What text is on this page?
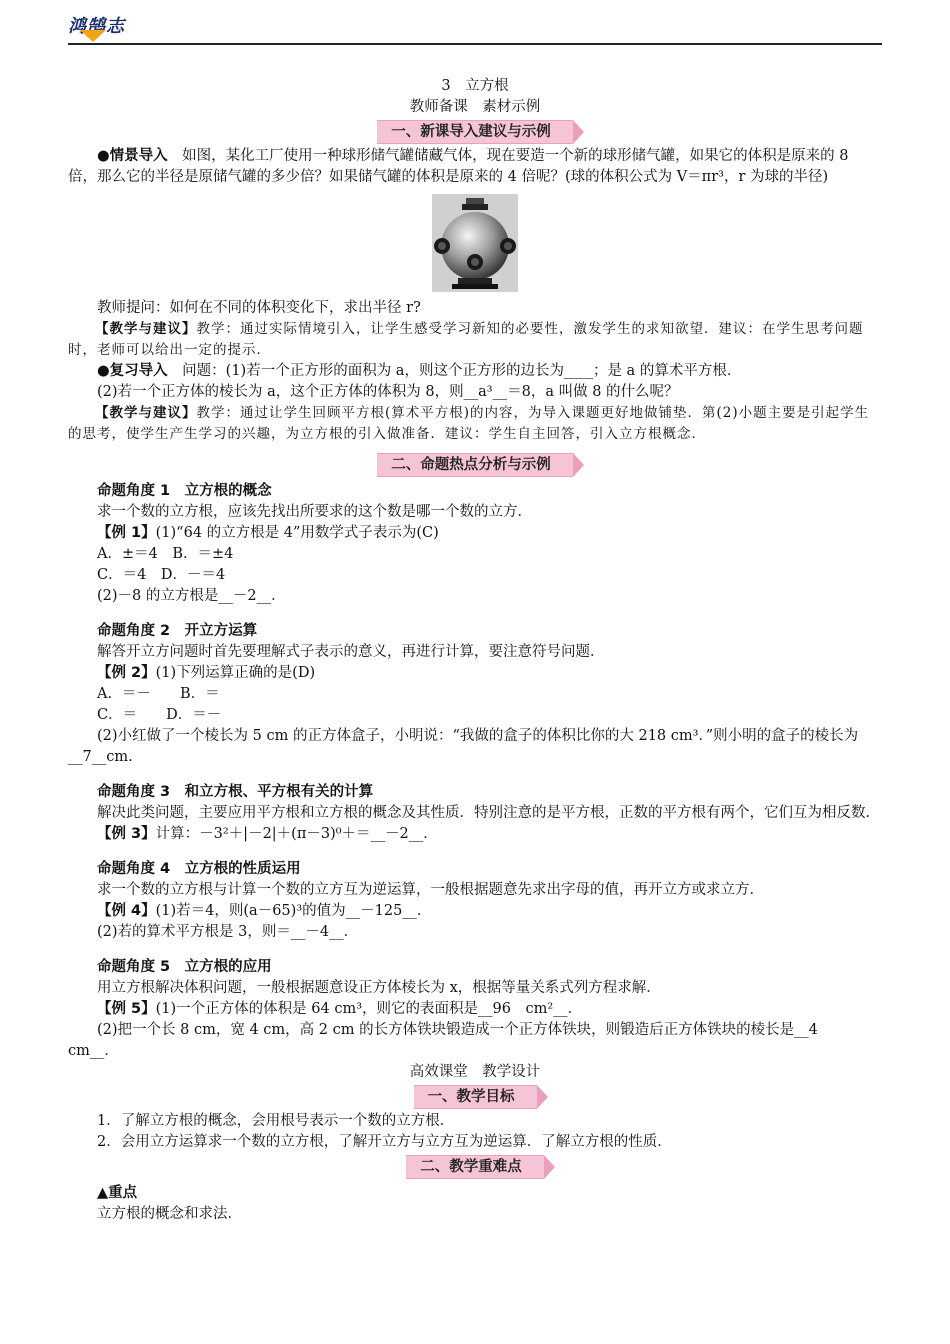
鸿鹄志

3　立方根

教师备课　素材示例

一、新课导入建议与示例

●情景导入　如图，某化工厂使用一种球形储气罐储藏气体，现在要造一个新的球形储气罐，如果它的体积是原来的 8 倍，那么它的半径是原储气罐的多少倍？如果储气罐的体积是原来的 4 倍呢？(球的体积公式为 V＝πr³，r 为球的半径)

教师提问：如何在不同的体积变化下，求出半径 r?

【教学与建议】教学：通过实际情境引入，让学生感受学习新知的必要性，激发学生的求知欲望．建议：在学生思考问题时，老师可以给出一定的提示．

●复习导入　问题：(1)若一个正方形的面积为 a，则这个正方形的边长为____；是 a 的算术平方根．

(2)若一个正方体的棱长为 a，这个正方体的体积为 8，则__a³__＝8，a 叫做 8 的什么呢？

【教学与建议】教学：通过让学生回顾平方根(算术平方根)的内容，为导入课题更好地做铺垫．第(2)小题主要是引起学生的思考，使学生产生学习的兴趣，为立方根的引入做准备．建议：学生自主回答，引入立方根概念．

二、命题热点分析与示例

命题角度 1　立方根的概念

求一个数的立方根，应该先找出所要求的这个数是哪一个数的立方．

【例 1】(1)“64 的立方根是 4”用数学式子表示为(C)

A．±＝4　B．＝±4

C．＝4　D．－＝4

(2)－8 的立方根是__－2__．

命题角度 2　开立方运算

解答开立方问题时首先要理解式子表示的意义，再进行计算，要注意符号问题．

【例 2】(1)下列运算正确的是(D)

A．＝－　　B．＝

C．＝　　D．＝－

(2)小红做了一个棱长为 5 cm 的正方体盒子，小明说：“我做的盒子的体积比你的大 218 cm³．”则小明的盒子的棱长为__7__cm.

命题角度 3　和立方根、平方根有关的计算

解决此类问题，主要应用平方根和立方根的概念及其性质．特别注意的是平方根，正数的平方根有两个，它们互为相反数．

【例 3】计算：－3²＋|－2|＋(π－3)⁰＋＝__－2__．

命题角度 4　立方根的性质运用

求一个数的立方根与计算一个数的立方互为逆运算，一般根据题意先求出字母的值，再开立方或求立方．

【例 4】(1)若＝4，则(a－65)³的值为__－125__．

(2)若的算术平方根是 3，则＝__－4__．

命题角度 5　立方根的应用

用立方根解决体积问题，一般根据题意设正方体棱长为 x，根据等量关系式列方程求解．

【例 5】(1)一个正方体的体积是 64 cm³，则它的表面积是__96　cm²__．

(2)把一个长 8 cm，宽 4 cm，高 2 cm 的长方体铁块锻造成一个正方体铁块，则锻造后正方体铁块的棱长是__4　cm__．

高效课堂　教学设计

一、教学目标

1．了解立方根的概念，会用根号表示一个数的立方根．

2．会用立方运算求一个数的立方根，了解开立方与立方互为逆运算．了解立方根的性质．

二、教学重难点

▲重点

立方根的概念和求法．
